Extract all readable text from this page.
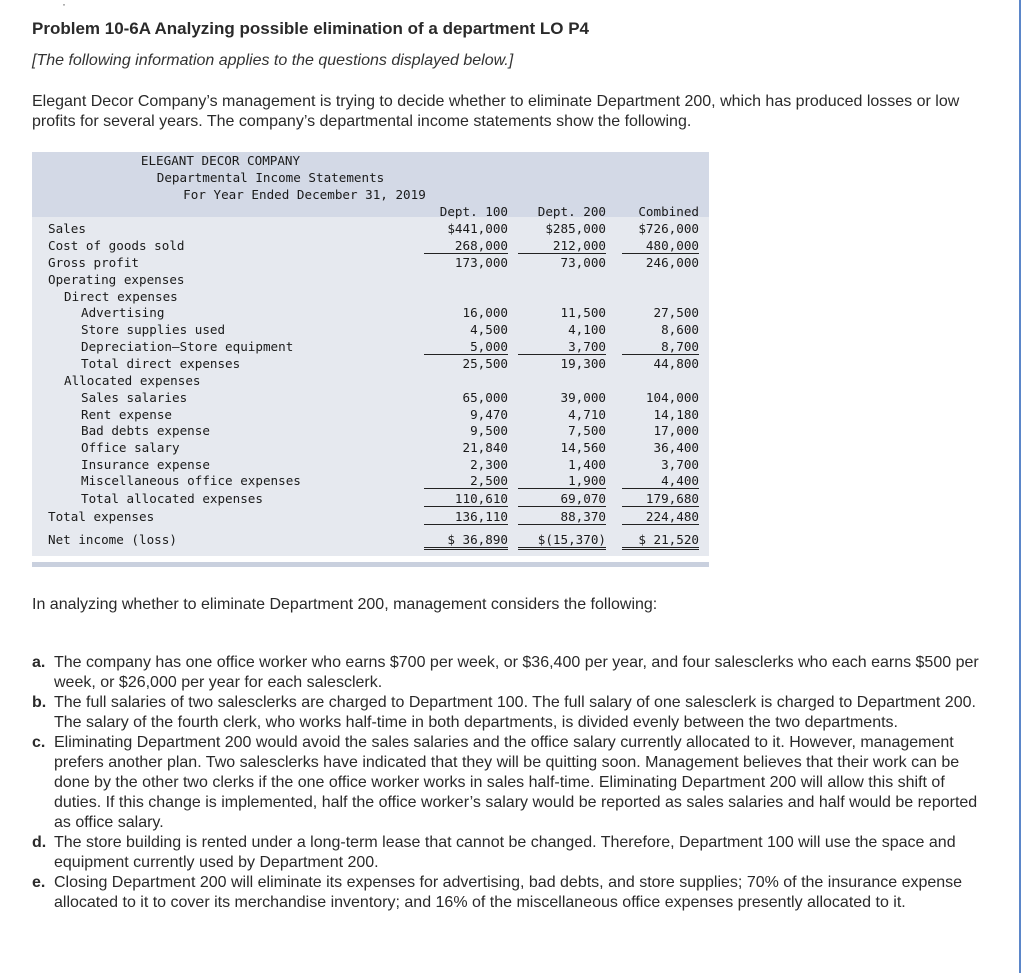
·
Problem 10-6A Analyzing possible elimination of a department LO P4

[The following information applies to the questions displayed below.]

Elegant Decor Company’s management is trying to decide whether to eliminate Department 200, which has produced losses or low profits for several years. The company’s departmental income statements show the following.

ELEGANT DECOR COMPANY
Departmental Income Statements
For Year Ended December 31, 2019
Dept. 100	Dept. 200	Combined
Sales	$441,000	$285,000	$726,000
Cost of goods sold	268,000	212,000	480,000
Gross profit	173,000	73,000	246,000
Operating expenses
Direct expenses
Advertising	16,000	11,500	27,500
Store supplies used	4,500	4,100	8,600
Depreciation—Store equipment	5,000	3,700	8,700
Total direct expenses	25,500	19,300	44,800
Allocated expenses
Sales salaries	65,000	39,000	104,000
Rent expense	9,470	4,710	14,180
Bad debts expense	9,500	7,500	17,000
Office salary	21,840	14,560	36,400
Insurance expense	2,300	1,400	3,700
Miscellaneous office expenses	2,500	1,900	4,400
Total allocated expenses	110,610	69,070	179,680
Total expenses	136,110	88,370	224,480
Net income (loss)	$ 36,890	$(15,370)	$ 21,520

In analyzing whether to eliminate Department 200, management considers the following:

a. The company has one office worker who earns $700 per week, or $36,400 per year, and four salesclerks who each earns $500 per week, or $26,000 per year for each salesclerk.
b. The full salaries of two salesclerks are charged to Department 100. The full salary of one salesclerk is charged to Department 200. The salary of the fourth clerk, who works half-time in both departments, is divided evenly between the two departments.
c. Eliminating Department 200 would avoid the sales salaries and the office salary currently allocated to it. However, management prefers another plan. Two salesclerks have indicated that they will be quitting soon. Management believes that their work can be done by the other two clerks if the one office worker works in sales half-time. Eliminating Department 200 will allow this shift of duties. If this change is implemented, half the office worker’s salary would be reported as sales salaries and half would be reported as office salary.
d. The store building is rented under a long-term lease that cannot be changed. Therefore, Department 100 will use the space and equipment currently used by Department 200.
e. Closing Department 200 will eliminate its expenses for advertising, bad debts, and store supplies; 70% of the insurance expense allocated to it to cover its merchandise inventory; and 16% of the miscellaneous office expenses presently allocated to it.
